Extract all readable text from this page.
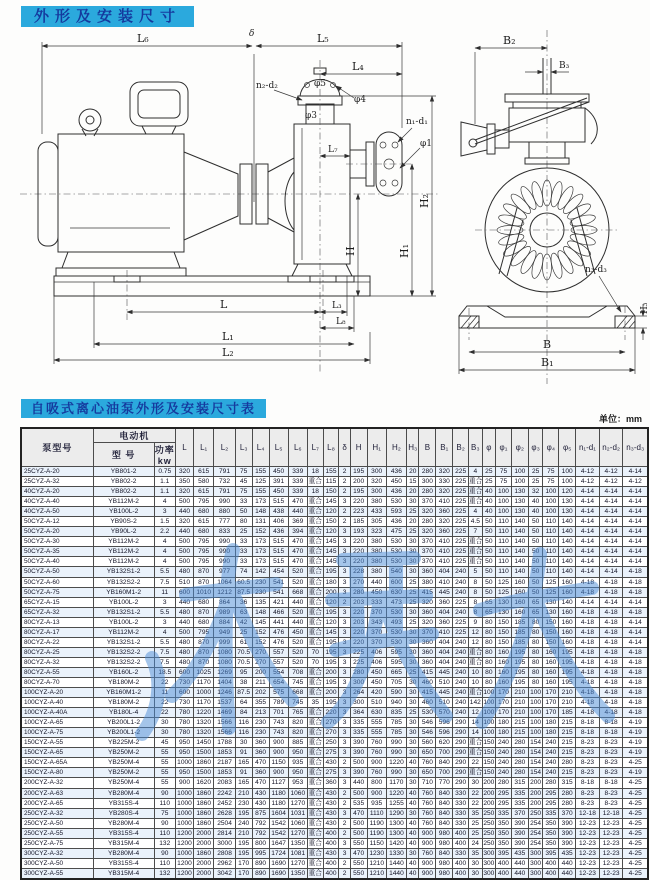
外形及安装尺寸
L₆	δ	L₅
L₄
n₂-d₂	φ5
φ3
φ4
n₁-d₁
φ1
L₇
H	H₁
H₂
L	L₃
L₈
L₁
L₂
B₂
B₃
n₃-d₃
H₃
B
B₁
自吸式离心油泵外形及安装尺寸表
单位：mm
泵型号	电动机		L	L₁	L₂	L₃	L₄	L₅	L₆	L₇	L₈	δ	H	H₁	H₂	H₃	B	B₁	B₂	B₃	φ	φ₁	φ₂	φ₃	φ₄	φ₅	n₁-d₁	n₂-d₂	n₃-d₃
	型 号	功率
kw																											
25CYZ-A-20	YB801-2	0.75	320	615	791	75	155	450	339	18	155	2	195	300	436	20	280	320	225	4	25	75	100	25	75	100	4-12	4-12	4-14
25CYZ-A-32	YB802-2	1.1	350	580	732	45	125	391	339	重合	115	2	200	320	450	15	300	330	225	重合	25	75	100	25	75	100	4-12	4-12	4-12
40CYZ-A-20	YB802-2	1.1	320	615	791	75	155	450	339	18	150	2	195	300	436	20	280	320	225	重合	40	100	130	32	100	120	4-14	4-14	4-14
40CYZ-A-40	YB112M-2	4	500	795	990	33	173	515	470	重合	145	3	220	380	530	30	370	410	225	重合	40	100	130	40	100	130	4-14	4-14	4-14
40CYZ-A-50	YB100L-2	3	440	680	880	50	148	438	440	重合	120	2	223	433	593	25	320	360	225	4	40	100	130	40	100	130	4-14	4-14	4-14
50CYZ-A-12	YB90S-2	1.5	320	615	777	80	131	406	369	重合	150	2	185	305	436	20	280	320	225	4.5	50	110	140	50	110	140	4-14	4-14	4-14
50CYZ-A-20	YB90L-2	2.2	440	680	833	25	152	436	394	重合	120	3	193	323	475	25	320	360	225	7	50	110	140	50	110	140	4-14	4-14	4-14
50CYZ-A-30	YB112M-2	4	500	795	990	33	173	515	470	重合	145	3	220	380	530	30	370	410	225	重合	50	110	140	50	110	140	4-14	4-14	4-14
50CYZ-A-35	YB112M-2	4	500	795	990	33	173	515	470	重合	145	3	220	380	530	30	370	410	225	重合	50	110	140	50	110	140	4-14	4-14	4-14
50CYZ-A-40	YB112M-2	4	500	795	990	33	173	515	470	重合	145	3	220	380	530	30	370	410	225	重合	50	110	140	50	110	140	4-14	4-14	4-14
50CYZ-A-50	YB132S1-2	5.5	480	870	977	74	142	454	520	重合	195	3	228	380	540	30	360	404	240	5	50	110	140	50	110	140	4-14	4-14	4-18
50CYZ-A-60	YB132S2-2	7.5	510	870	1064	60.5	230	541	520	重合	180	3	270	440	600	25	380	410	240	8	50	125	160	50	125	160	4-18	4-18	4-18
50CYZ-A-75	YB160M1-2	11	600	1010	1212	87.5	230	541	668	重合	200	3	280	450	630	25	415	445	240	8	50	125	160	50	125	160	4-18	4-18	4-18
65CYZ-A-15	YB100L-2	3	440	680	864	36	135	421	440	重合	120	2	203	333	473	25	320	360	225	8	65	130	160	65	130	140	4-14	4-14	4-14
65CYZ-A-32	YB132S1-2	5.5	480	870	989	63	148	466	520	重合	195	3	220	370	530	30	360	404	240	8	65	130	160	65	130	160	4-18	4-18	4-18
80CYZ-A-13	YB100L-2	3	440	680	884	42	145	441	440	重合	120	3	203	343	493	25	320	360	225	9	80	150	185	80	150	160	4-18	4-18	4-14
80CYZ-A-17	YB112M-2	4	500	795	949	25	152	476	450	重合	145	3	220	370	530	30	370	410	225	12	80	150	185	80	150	160	4-18	4-18	4-14
80CYZ-A-22	YB132S1-2	5.5	480	870	999	61	152	476	520	重合	195	3	220	370	530	30	360	404	240	12	80	150	185	80	150	160	4-18	4-18	4-14
80CYZ-A-25	YB132S2-2	7.5	480	870	1080	70.5	270	557	520	70	195	3	225	406	595	30	360	404	240	重合	80	160	195	80	160	195	4-18	4-18	4-18
80CYZ-A-32	YB132S2-2	7.5	480	870	1080	70.5	270	557	520	70	195	3	225	406	595	30	360	404	240	重合	80	160	195	80	160	195	4-18	4-18	4-18
80CYZ-A-55	YB160L-2	18.5	600	1025	1269	95	200	554	708	重合	200	3	280	450	665	25	415	445	240	10	80	160	195	80	160	195	4-18	4-18	4-18
80CYZ-A-70	YB180M-2	22	730	1170	1404	38	211	654	745	重合	195	3	300	450	705	30	460	510	240	10	80	160	195	80	160	195	4-18	4-18	4-18
100CYZ-A-20	YB160M1-2	11	600	1000	1246	87.5	202	575	668	重合	200	3	264	420	590	30	415	445	240	重合	100	170	210	100	170	210	4-18	4-18	4-18
100CYZ-A-40	YB180M-2	22	730	1170	1537	64	355	789	745	35	195	3	300	510	940	30	460	510	240	142	100	170	210	100	170	210	4-18	4-18	4-18
100CYZ-A-40A	YB180L-4	22	780	1220	1469	84	213	701	765	重合	220	3	364	630	835	25	530	570	240	12	100	170	210	100	170	185	4-18	4-18	4-18
100CYZ-A-65	YB200L1-2	30	780	1320	1566	116	230	743	820	重合	270	3	335	555	785	30	546	596	290	14	100	180	215	100	180	215	8-18	8-18	4-19
100CYZ-A-75	YB200L1-2	30	780	1320	1566	116	230	743	820	重合	270	3	335	555	785	30	546	596	290	14	100	180	215	100	180	215	8-18	8-18	4-19
150CYZ-A-55	YB225M-2	45	950	1450	1788	30	360	900	885	重合	250	3	390	760	990	30	560	620	290	重合	150	240	280	154	240	215	8-23	8-23	4-19
150CYZ-A-65	YB250M-2	55	950	1500	1853	91	360	900	950	重合	275	3	390	760	990	30	650	700	290	重合	150	240	280	154	240	215	8-23	8-23	4-19
150CYZ-A-65A	YB250M-4	55	1000	1860	2187	165	470	1150	935	重合	430	2	500	900	1220	40	760	840	290	22	150	240	280	154	240	280	8-23	8-23	4-25
150CYZ-A-80	YB250M-2	55	950	1500	1853	91	360	900	950	重合	275	3	390	760	990	30	650	700	290	重合	150	240	280	154	240	215	8-23	8-23	4-19
200CYZ-A-32	YB250M-4	55	900	1620	2083	165	470	1127	953	重合	360	3	440	800	1170	30	710	770	290	30	200	280	315	200	280	315	8-18	8-18	4-25
200CYZ-A-63	YB280M-4	90	1000	1860	2242	210	430	1180	1060	重合	430	2	500	900	1220	40	760	840	330	22	200	295	335	200	295	280	8-23	8-23	4-25
200CYZ-A-65	YB315S-4	110	1000	1860	2452	230	430	1180	1270	重合	430	2	535	935	1255	40	760	840	330	22	200	295	335	200	295	280	8-23	8-23	4-25
250CYZ-A-32	YB280S-4	75	1000	1860	2628	195	875	1604	1031	重合	430	3	470	1110	1290	30	760	840	330	35	250	335	370	250	335	370	12-18	12-18	4-25
250CYZ-A-50	YB280M-4	90	1000	1860	2504	240	792	1542	1060	重合	430	2	500	1190	1300	40	760	840	330	25	250	350	390	254	350	390	12-23	12-23	4-25
250CYZ-A-55	YB315S-4	110	1200	2000	2814	210	792	1542	1270	重合	400	2	500	1190	1300	40	900	980	400	25	250	350	390	254	350	390	12-23	12-23	4-25
250CYZ-A-75	YB315M-4	132	1200	2000	3000	195	800	1647	1350	重合	400	3	550	1150	1420	40	900	980	400	24	250	350	390	254	350	390	12-23	12-23	4-25
300CYZ-A-32	YB280M-4	90	1000	1860	2808	195	995	1724	1081	重合	430	3	470	1230	1330	30	760	840	330	35	300	395	435	300	395	435	12-23	12-23	4-25
300CYZ-A-50	YB315S-4	110	1200	2000	2962	170	890	1690	1270	重合	400	2	550	1210	1440	40	900	980	400	30	300	400	440	300	400	440	12-23	12-23	4-25
300CYZ-A-55	YB315M-4	132	1200	2000	3042	170	890	1690	1350	重合	400	2	550	1210	1440	40	900	980	400	30	300	400	440	300	400	440	12-23	12-23	4-25
